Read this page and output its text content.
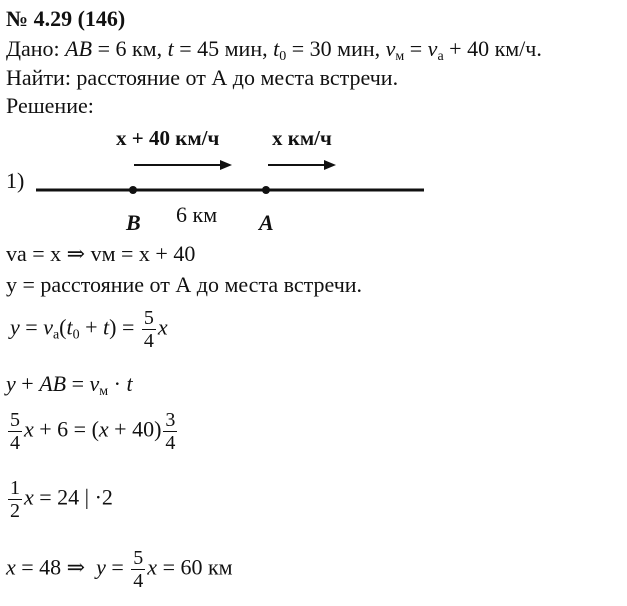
№ 4.29 (146)
Дано: AB = 6 км, t = 45 мин, $t_0 = 30$ мин, $v_м = v_а + 40$ км/ч.
Найти: расстояние от А до места встречи.
Решение:
1)
x + 40 км/ч	x км/ч
B 6 км A
va = x ⇒ vм = x + 40
y = расстояние от А до места встречи.
$y = v_а(t_0 + t) = \frac{5}{4}$ x
y + AB = $v_м \cdot t$
$\frac{5}{4}$ $x + 6 = (x + 40) \frac{3}{4}$
$\frac{1}{2}$ x = 24 | ·2
x = 48 ⇒  $y = \frac{5}{4}$ x = 60 км
